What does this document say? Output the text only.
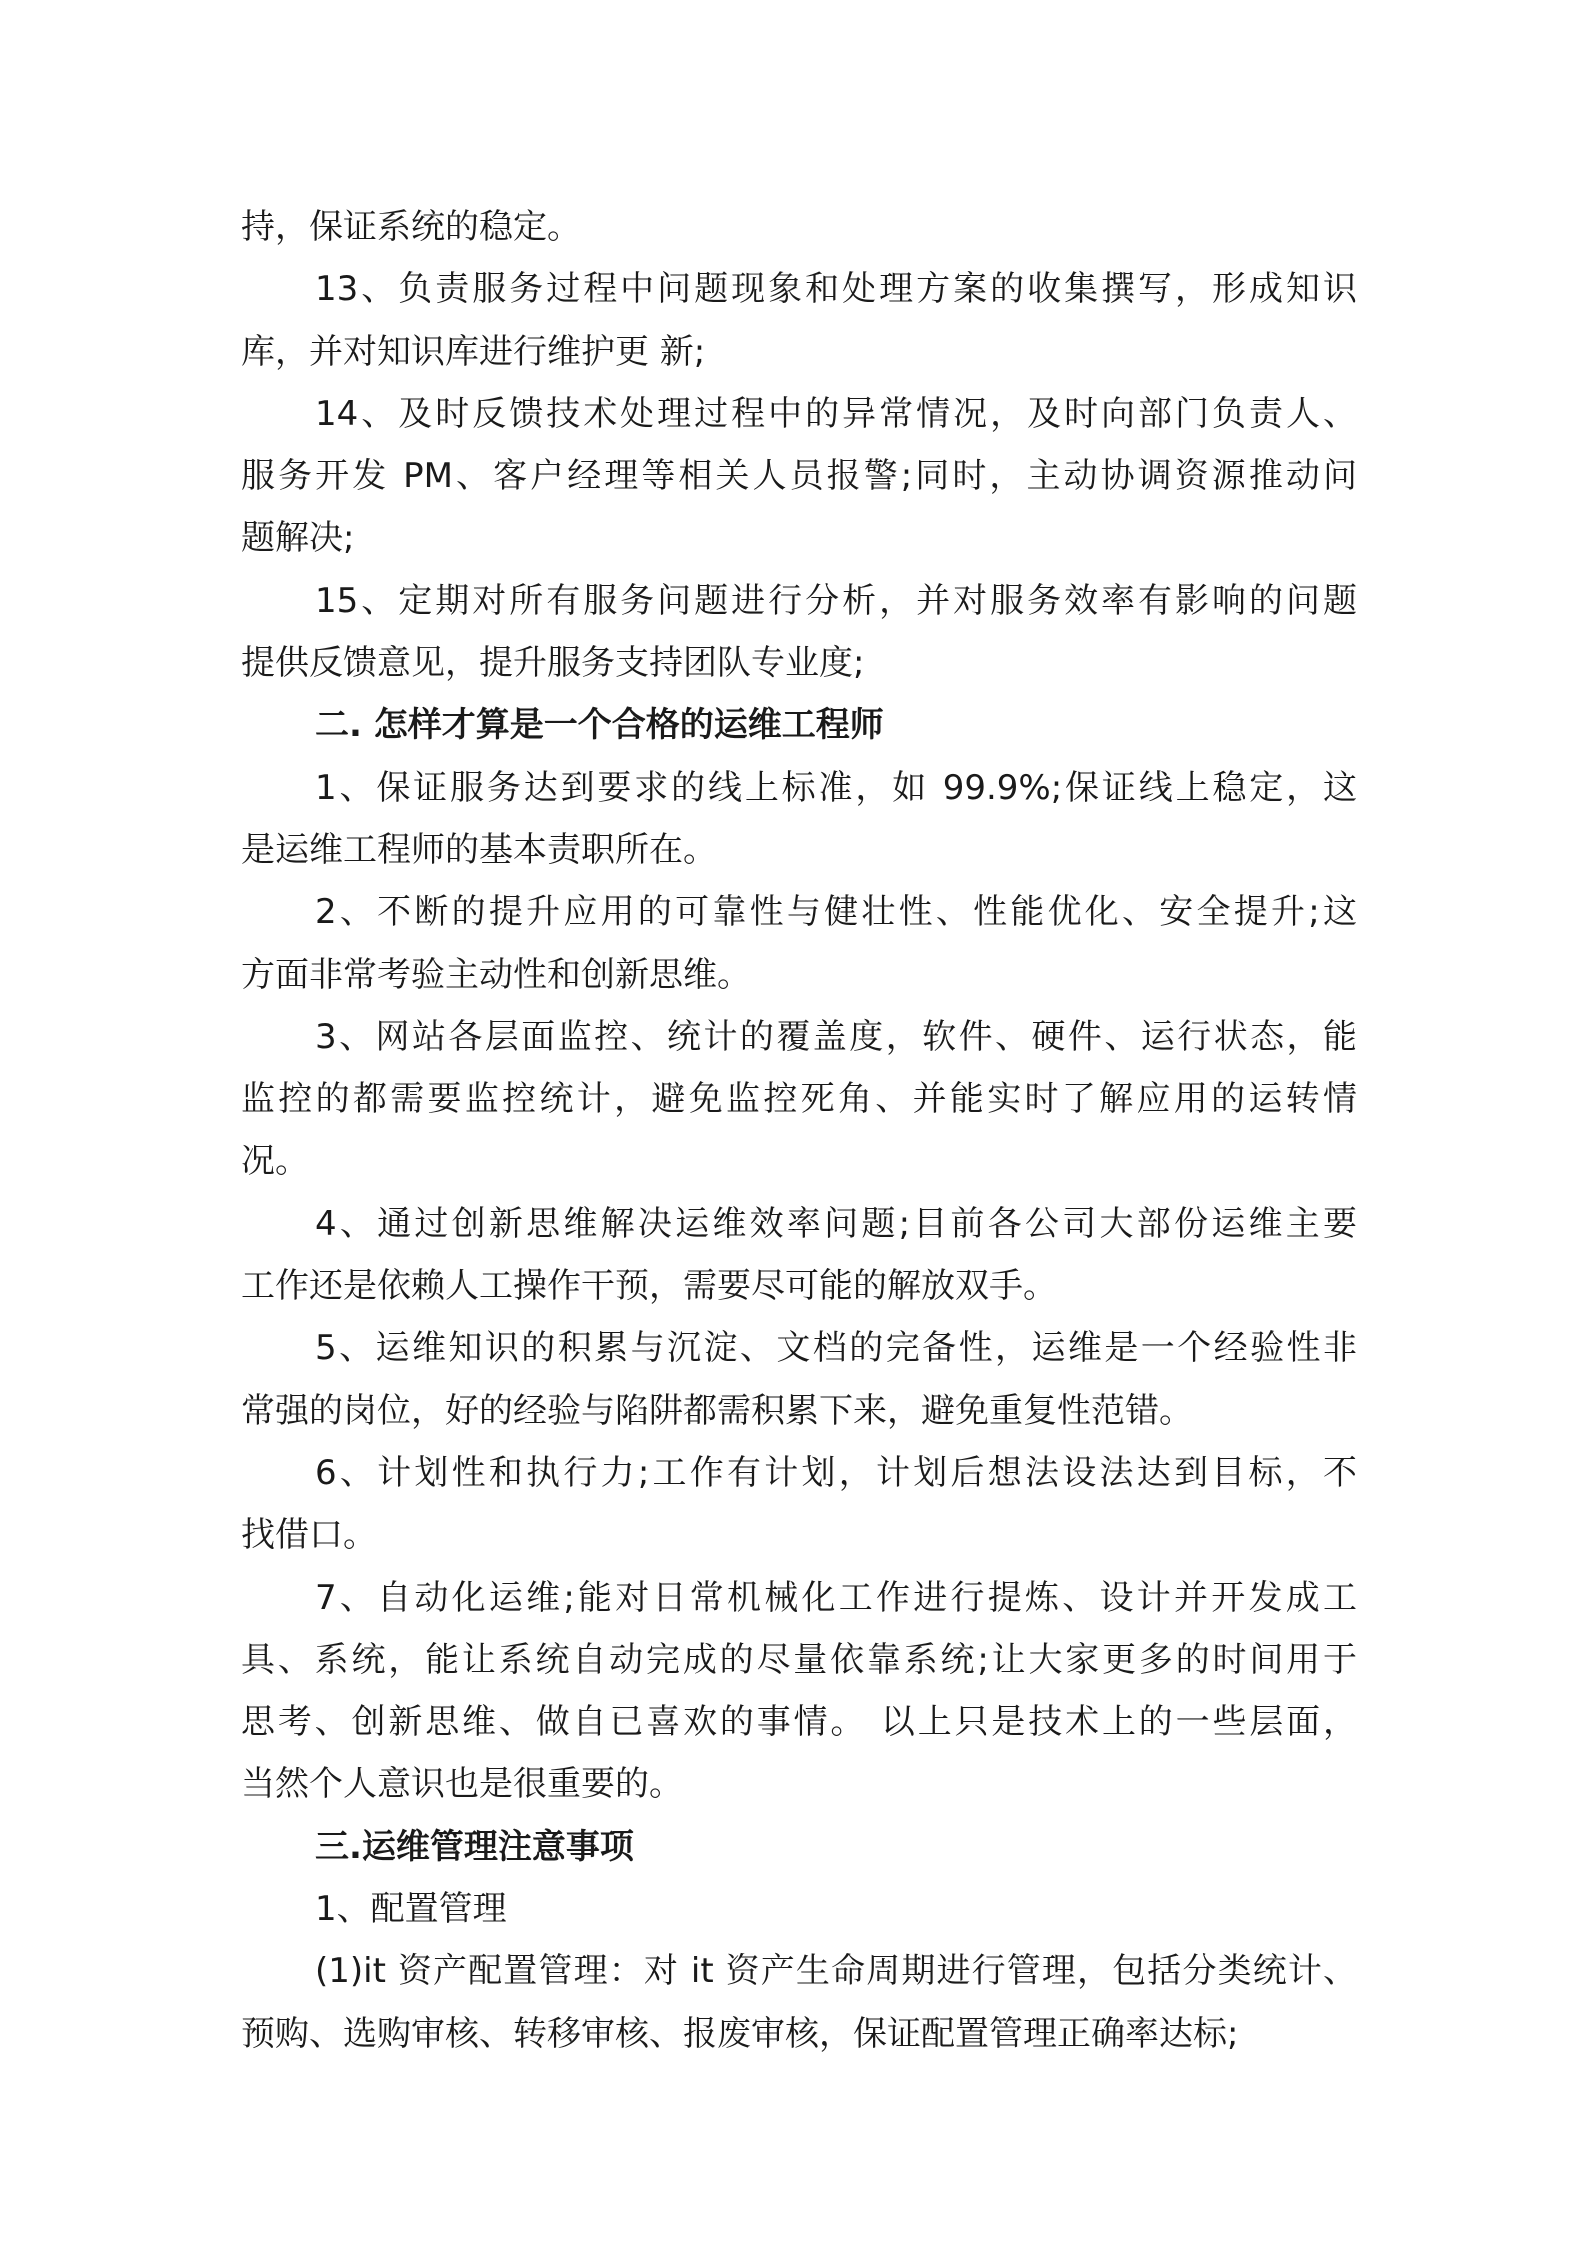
持，保证系统的稳定。
13、负责服务过程中问题现象和处理方案的收集撰写，形成知识
库，并对知识库进行维护更 新;
14、及时反馈技术处理过程中的异常情况，及时向部门负责人、
服务开发 PM、客户经理等相关人员报警;同时，主动协调资源推动问
题解决;
15、定期对所有服务问题进行分析，并对服务效率有影响的问题
提供反馈意见，提升服务支持团队专业度;
二. 怎样才算是一个合格的运维工程师
1、保证服务达到要求的线上标准，如 99.9%;保证线上稳定，这
是运维工程师的基本责职所在。
2、不断的提升应用的可靠性与健壮性、性能优化、安全提升;这
方面非常考验主动性和创新思维。
3、网站各层面监控、统计的覆盖度，软件、硬件、运行状态，能
监控的都需要监控统计，避免监控死角、并能实时了解应用的运转情
况。
4、通过创新思维解决运维效率问题;目前各公司大部份运维主要
工作还是依赖人工操作干预，需要尽可能的解放双手。
5、运维知识的积累与沉淀、文档的完备性，运维是一个经验性非
常强的岗位，好的经验与陷阱都需积累下来，避免重复性范错。
6、计划性和执行力;工作有计划，计划后想法设法达到目标，不
找借口。
7、自动化运维;能对日常机械化工作进行提炼、设计并开发成工
具、系统，能让系统自动完成的尽量依靠系统;让大家更多的时间用于
思考、创新思维、做自已喜欢的事情。 以上只是技术上的一些层面，
当然个人意识也是很重要的。
三.运维管理注意事项
1、配置管理
(1)it 资产配置管理：对 it 资产生命周期进行管理，包括分类统计、
预购、选购审核、转移审核、报废审核，保证配置管理正确率达标;
